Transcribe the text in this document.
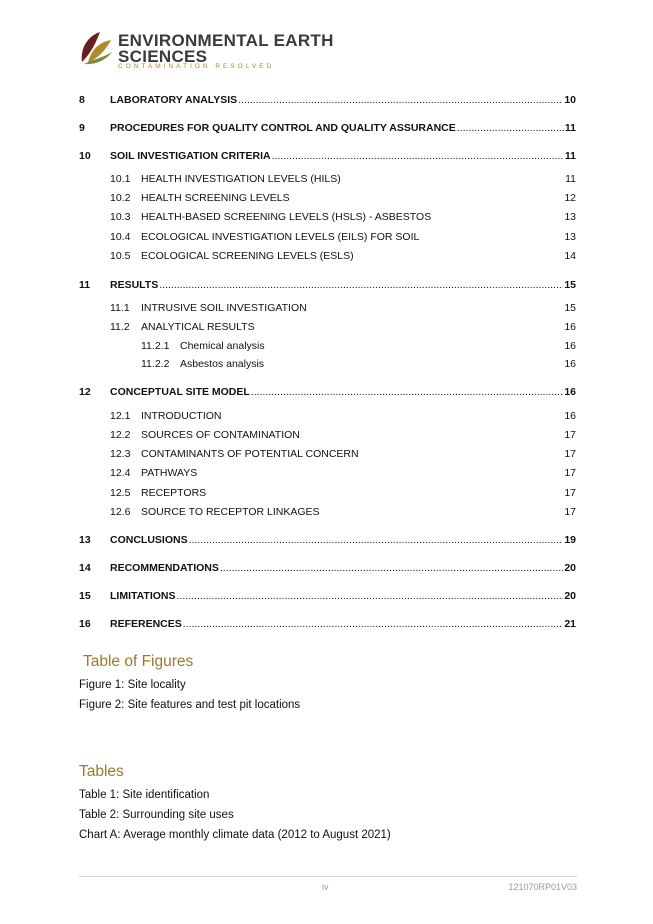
ENVIRONMENTAL EARTH
SCIENCES
CONTAMINATION RESOLVED
8	LABORATORY ANALYSIS .....	10
9	PROCEDURES FOR QUALITY CONTROL AND QUALITY ASSURANCE .....	11
10	SOIL INVESTIGATION CRITERIA .....	11
10.1	HEALTH INVESTIGATION LEVELS (HILS)	11
10.2	HEALTH SCREENING LEVELS	12
10.3	HEALTH-BASED SCREENING LEVELS (HSLS) - ASBESTOS	13
10.4	ECOLOGICAL INVESTIGATION LEVELS (EILS) FOR SOIL	13
10.5	ECOLOGICAL SCREENING LEVELS (ESLS)	14
11	RESULTS .....	15
11.1	INTRUSIVE SOIL INVESTIGATION	15
11.2	ANALYTICAL RESULTS	16
11.2.1	Chemical analysis	16
11.2.2	Asbestos analysis	16
12	CONCEPTUAL SITE MODEL .....	16
12.1	INTRODUCTION	16
12.2	SOURCES OF CONTAMINATION	17
12.3	CONTAMINANTS OF POTENTIAL CONCERN	17
12.4	PATHWAYS	17
12.5	RECEPTORS	17
12.6	SOURCE TO RECEPTOR LINKAGES	17
13	CONCLUSIONS .....	19
14	RECOMMENDATIONS .....	20
15	LIMITATIONS .....	20
16	REFERENCES .....	21
Table of Figures
Figure 1: Site locality
Figure 2: Site features and test pit locations
Tables
Table 1: Site identification
Table 2: Surrounding site uses
Chart A: Average monthly climate data (2012 to August 2021)
iv	121070RP01V03
